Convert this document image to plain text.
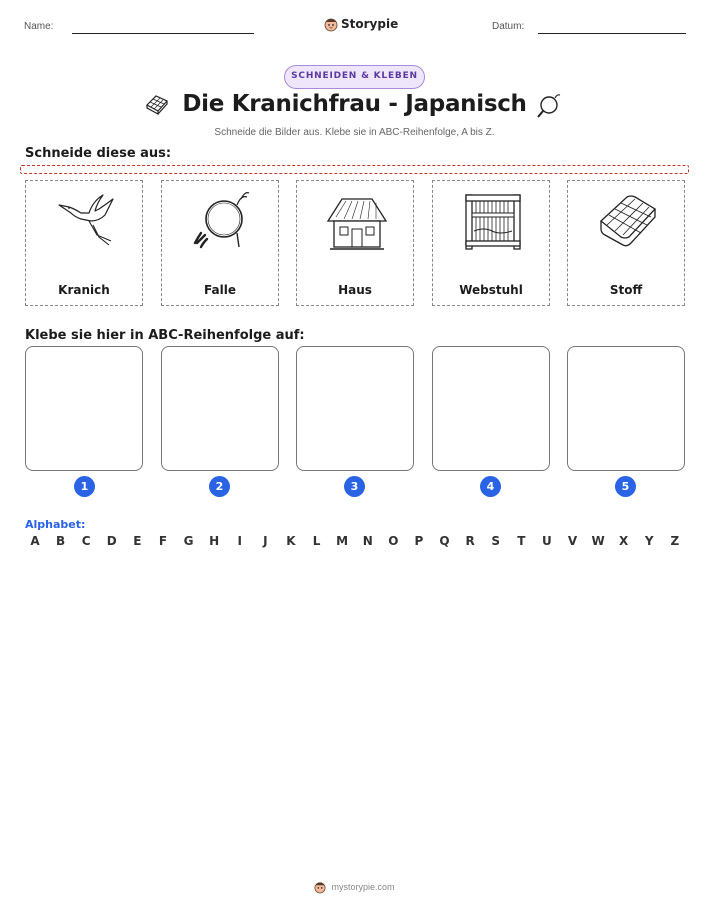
Name:	Storypie	Datum:
SCHNEIDEN & KLEBEN
Die Kranichfrau - Japanisch
Schneide die Bilder aus. Klebe sie in ABC-Reihenfolge, A bis Z.
Schneide diese aus:
Kranich	Falle	Haus	Webstuhl	Stoff
Klebe sie hier in ABC-Reihenfolge auf:
1	2	3	4	5
Alphabet:
A	B	C	D	E	F	G	H	I	J	K	L	M	N	O	P	Q	R	S	T	U	V	W	X	Y	Z
mystorypie.com
